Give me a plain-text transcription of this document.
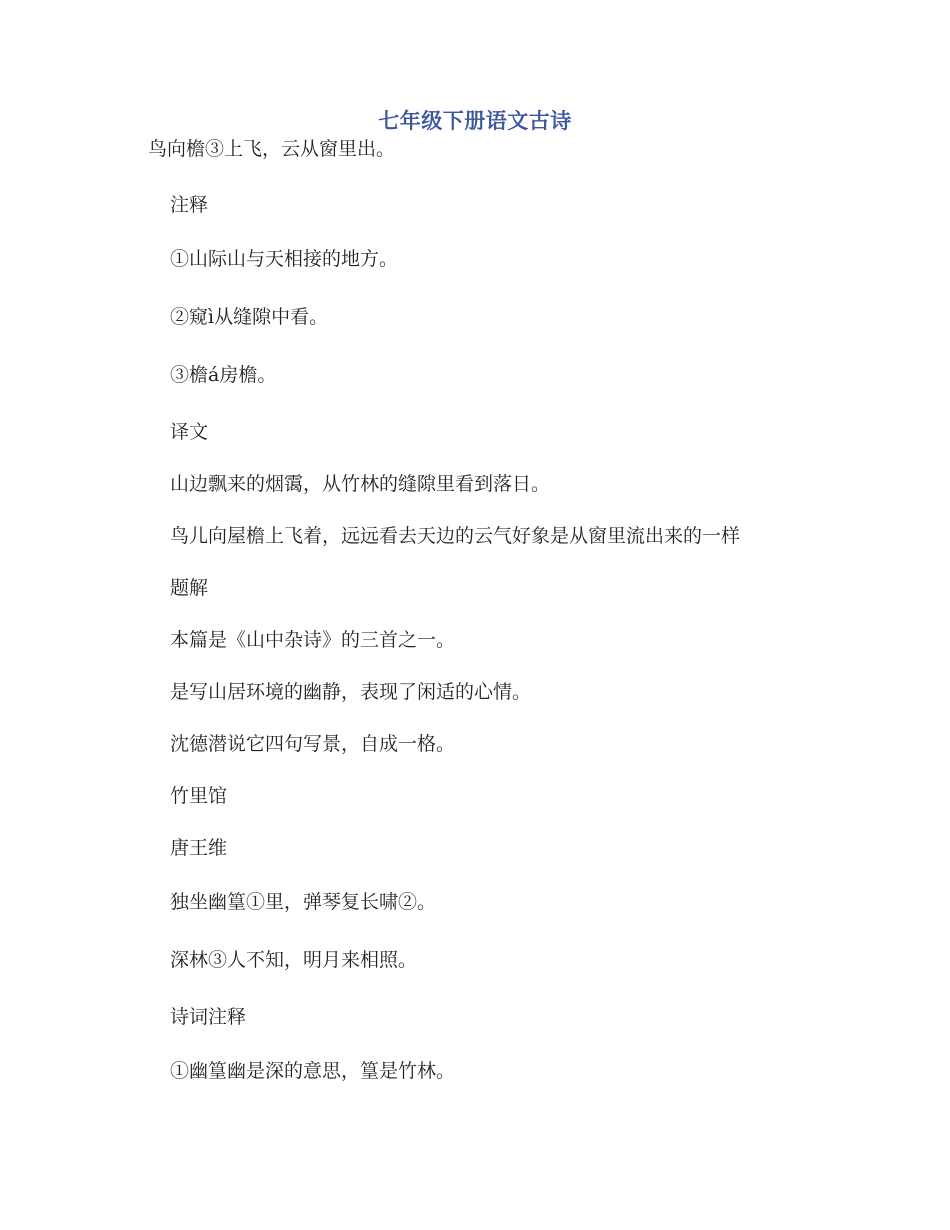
七年级下册语文古诗
鸟向檐③上飞，云从窗里出。
注释
①山际山与天相接的地方。
②窥ì从缝隙中看。
③檐á房檐。
译文
山边飘来的烟霭，从竹林的缝隙里看到落日。
鸟儿向屋檐上飞着，远远看去天边的云气好象是从窗里流出来的一样
题解
本篇是《山中杂诗》的三首之一。
是写山居环境的幽静，表现了闲适的心情。
沈德潜说它四句写景，自成一格。
竹里馆
唐王维
独坐幽篁①里，弹琴复长啸②。
深林③人不知，明月来相照。
诗词注释
①幽篁幽是深的意思，篁是竹林。
